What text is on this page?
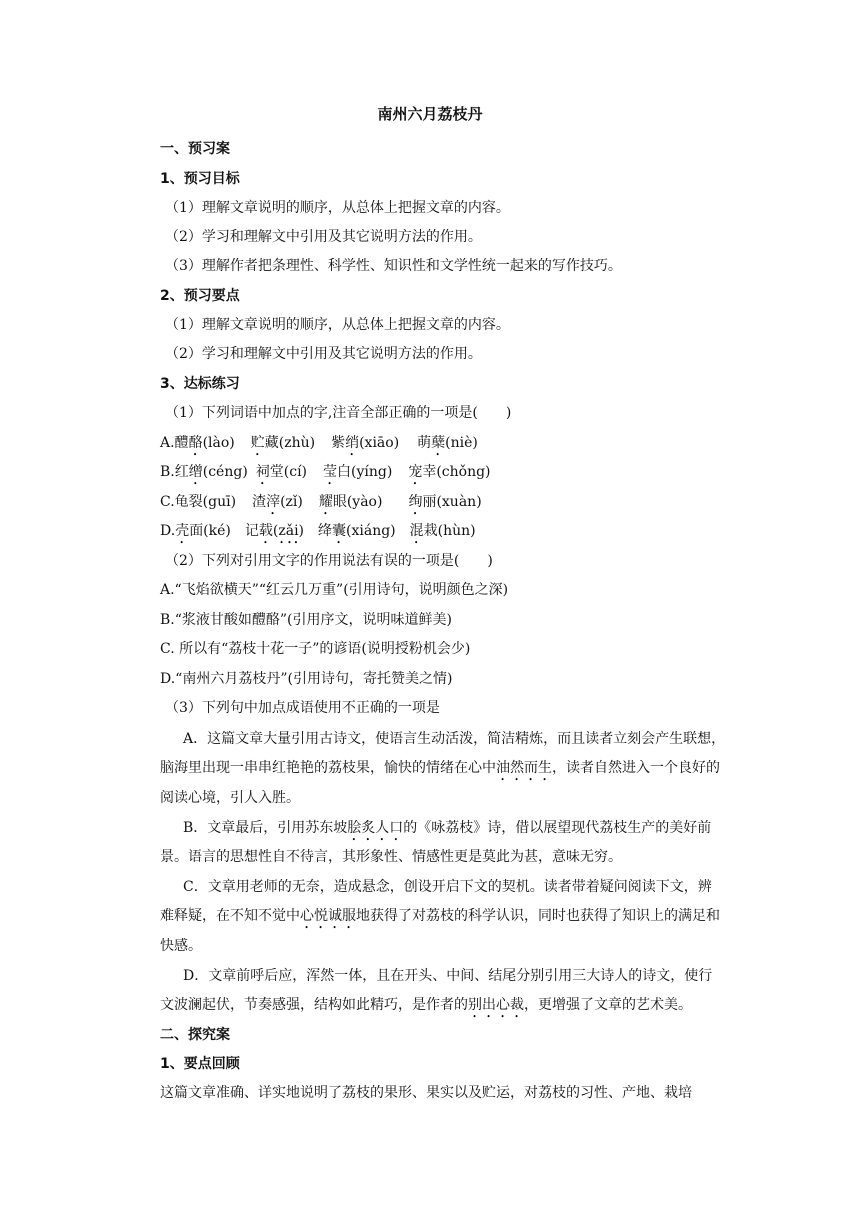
南州六月荔枝丹
一、预习案
1、预习目标
（1）理解文章说明的顺序，从总体上把握文章的内容。
（2）学习和理解文中引用及其它说明方法的作用。
（3）理解作者把条理性、科学性、知识性和文学性统一起来的写作技巧。
2、预习要点
（1）理解文章说明的顺序，从总体上把握文章的内容。
（2）学习和理解文中引用及其它说明方法的作用。
3、达标练习
（1）下列词语中加点的字,注音全部正确的一项是(　　)
A.醴酪(lào) 贮藏(zhù) 紫绡(xiāo) 萌蘖(niè)
B.红缯(céng) 祠堂(cí) 莹白(yíng) 宠幸(chǒng)
C.龟裂(guī) 渣滓(zǐ) 耀眼(yào) 绚丽(xuàn)
D.壳面(ké) 记载(zǎi) 绛囊(xiáng) 混栽(hùn)
（2）下列对引用文字的作用说法有误的一项是(　　)
A.“飞焰欲横天”“红云几万重”(引用诗句，说明颜色之深)
B.“浆液甘酸如醴酪”(引用序文，说明味道鲜美)
C. 所以有“荔枝十花一子”的谚语(说明授粉机会少)
D.“南州六月荔枝丹”(引用诗句，寄托赞美之情)
（3）下列句中加点成语使用不正确的一项是
A．这篇文章大量引用古诗文，使语言生动活泼，简洁精炼，而且读者立刻会产生联想，
脑海里出现一串串红艳艳的荔枝果，愉快的情绪在心中油然而生，读者自然进入一个良好的
阅读心境，引人入胜。
B．文章最后，引用苏东坡脍炙人口的《咏荔枝》诗，借以展望现代荔枝生产的美好前
景。语言的思想性自不待言，其形象性、情感性更是莫此为甚，意味无穷。
C．文章用老师的无奈，造成悬念，创设开启下文的契机。读者带着疑问阅读下文，辨
难释疑，在不知不觉中心悦诚服地获得了对荔枝的科学认识，同时也获得了知识上的满足和
快感。
D．文章前呼后应，浑然一体，且在开头、中间、结尾分别引用三大诗人的诗文，使行
文波澜起伏，节奏感强，结构如此精巧，是作者的别出心裁，更增强了文章的艺术美。
二、探究案
1、要点回顾
这篇文章准确、详实地说明了荔枝的果形、果实以及贮运，对荔枝的习性、产地、栽培
